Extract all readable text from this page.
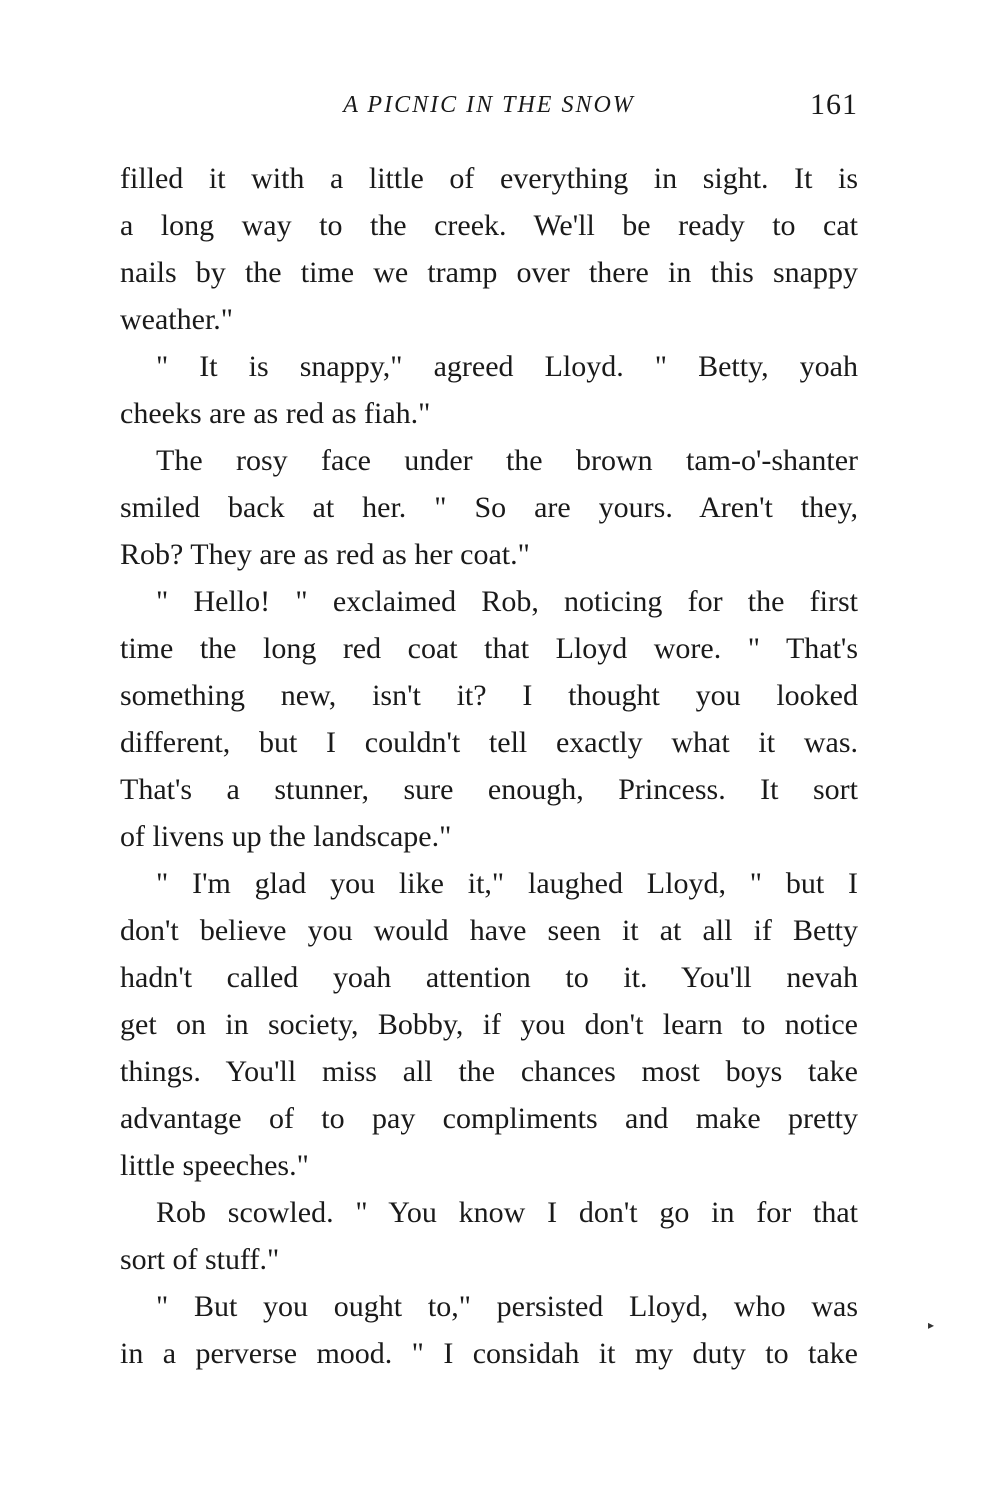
A PICNIC IN THE SNOW	161
filled it with a little of everything in sight. It is
a long way to the creek. We'll be ready to cat
nails by the time we tramp over there in this snappy
weather."
" It is snappy," agreed Lloyd. " Betty, yoah
cheeks are as red as fiah."
The rosy face under the brown tam-o'-shanter
smiled back at her. " So are yours. Aren't they,
Rob? They are as red as her coat."
" Hello! " exclaimed Rob, noticing for the first
time the long red coat that Lloyd wore. " That's
something new, isn't it? I thought you looked
different, but I couldn't tell exactly what it was.
That's a stunner, sure enough, Princess. It sort
of livens up the landscape."
" I'm glad you like it," laughed Lloyd, " but I
don't believe you would have seen it at all if Betty
hadn't called yoah attention to it. You'll nevah
get on in society, Bobby, if you don't learn to notice
things. You'll miss all the chances most boys take
advantage of to pay compliments and make pretty
little speeches."
Rob scowled. " You know I don't go in for that
sort of stuff."
" But you ought to," persisted Lloyd, who was
in a perverse mood. " I considah it my duty to take
▸
